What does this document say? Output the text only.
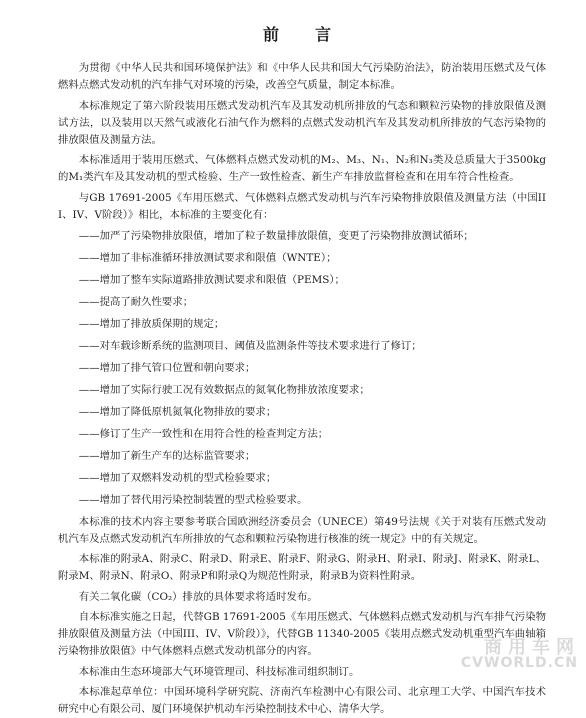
前　言

为贯彻《中华人民共和国环境保护法》和《中华人民共和国大气污染防治法》，防治装用压燃式及气体燃料点燃式发动机的汽车排气对环境的污染，改善空气质量，制定本标准。

本标准规定了第六阶段装用压燃式发动机汽车及其发动机所排放的气态和颗粒污染物的排放限值及测试方法，以及装用以天然气或液化石油气作为燃料的点燃式发动机汽车及其发动机所排放的气态污染物的排放限值及测量方法。

本标准适用于装用压燃式、气体燃料点燃式发动机的M₂、M₃、N₁、N₂和N₃类及总质量大于3500kg的M₁类汽车及其发动机的型式检验、生产一致性检查、新生产车排放监督检查和在用车符合性检查。

与GB 17691-2005《车用压燃式、气体燃料点燃式发动机与汽车污染物排放限值及测量方法（中国III、IV、V阶段）》相比，本标准的主要变化有：

——加严了污染物排放限值，增加了粒子数量排放限值，变更了污染物排放测试循环；
——增加了非标准循环排放测试要求和限值（WNTE）；
——增加了整车实际道路排放测试要求和限值（PEMS）；
——提高了耐久性要求；
——增加了排放质保期的规定；
——对车载诊断系统的监测项目、阈值及监测条件等技术要求进行了修订；
——增加了排气管口位置和朝向要求；
——增加了实际行驶工况有效数据点的氮氧化物排放浓度要求；
——增加了降低原机氮氧化物排放的要求；
——修订了生产一致性和在用符合性的检查判定方法；
——增加了新生产车的达标监管要求；
——增加了双燃料发动机的型式检验要求；
——增加了替代用污染控制装置的型式检验要求。

本标准的技术内容主要参考联合国欧洲经济委员会（UNECE）第49号法规《关于对装有压燃式发动机汽车及点燃式发动机汽车所排放的气态和颗粒污染物进行核准的统一规定》中的有关规定。

本标准的附录A、附录C、附录D、附录E、附录F、附录G、附录H、附录I、附录J、附录K、附录L、附录M、附录N、附录O、附录P和附录Q为规范性附录，附录B为资料性附录。

有关二氧化碳（CO₂）排放的具体要求将适时发布。

自本标准实施之日起，代替GB 17691-2005《车用压燃式、气体燃料点燃式发动机与汽车排气污染物排放限值及测量方法（中国III、IV、V阶段）》，代替GB 11340-2005《装用点燃式发动机重型汽车曲轴箱污染物排放限值》中气体燃料点燃式发动机部分的内容。

本标准由生态环境部大气环境管理司、科技标准司组织制订。

本标准起草单位：中国环境科学研究院、济南汽车检测中心有限公司、北京理工大学、中国汽车技术研究中心有限公司、厦门环境保护机动车污染控制技术中心、清华大学。

商用车网
CVWORLD.CN
